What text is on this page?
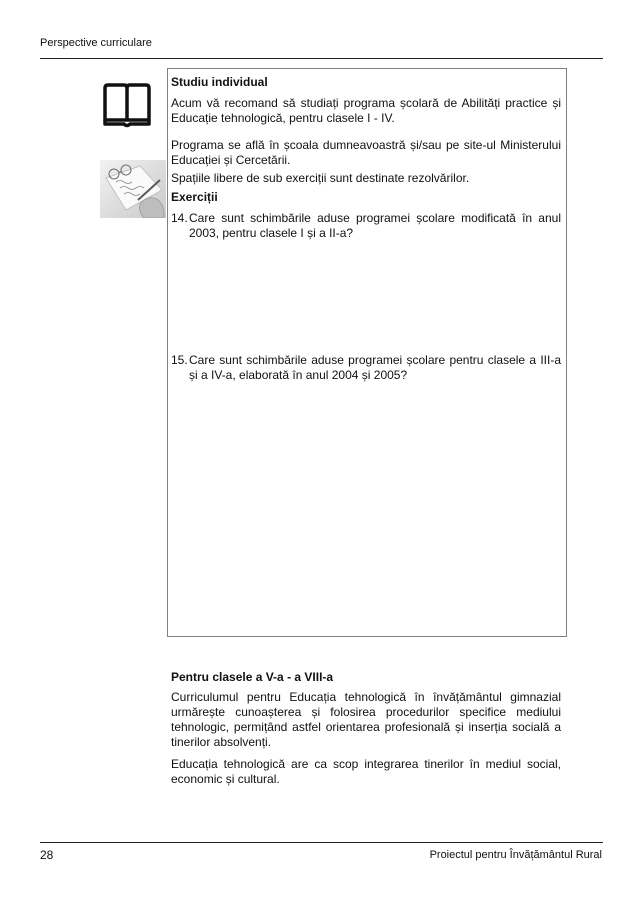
Perspective curriculare
Studiu individual
Acum vă recomand să studiați programa școlară de Abilități practice și Educație tehnologică, pentru clasele I - IV.
Programa se află în școala dumneavoastră și/sau pe site-ul Ministerului Educației și Cercetării.
Spațiile libere de sub exerciții sunt destinate rezolvărilor.
Exerciții
14. Care sunt schimbările aduse programei școlare modificată în anul 2003, pentru clasele I și a II-a?
15. Care sunt schimbările aduse programei școlare pentru clasele a III-a și a IV-a, elaborată în anul 2004 și 2005?
Pentru clasele a V-a - a VIII-a
Curriculumul pentru Educația tehnologică în învățământul gimnazial urmărește cunoașterea și folosirea procedurilor specifice mediului tehnologic, permițând astfel orientarea profesională și inserția socială a tinerilor absolvenți.
Educația tehnologică are ca scop integrarea tinerilor în mediul social, economic și cultural.
28	Proiectul pentru Învățământul Rural
